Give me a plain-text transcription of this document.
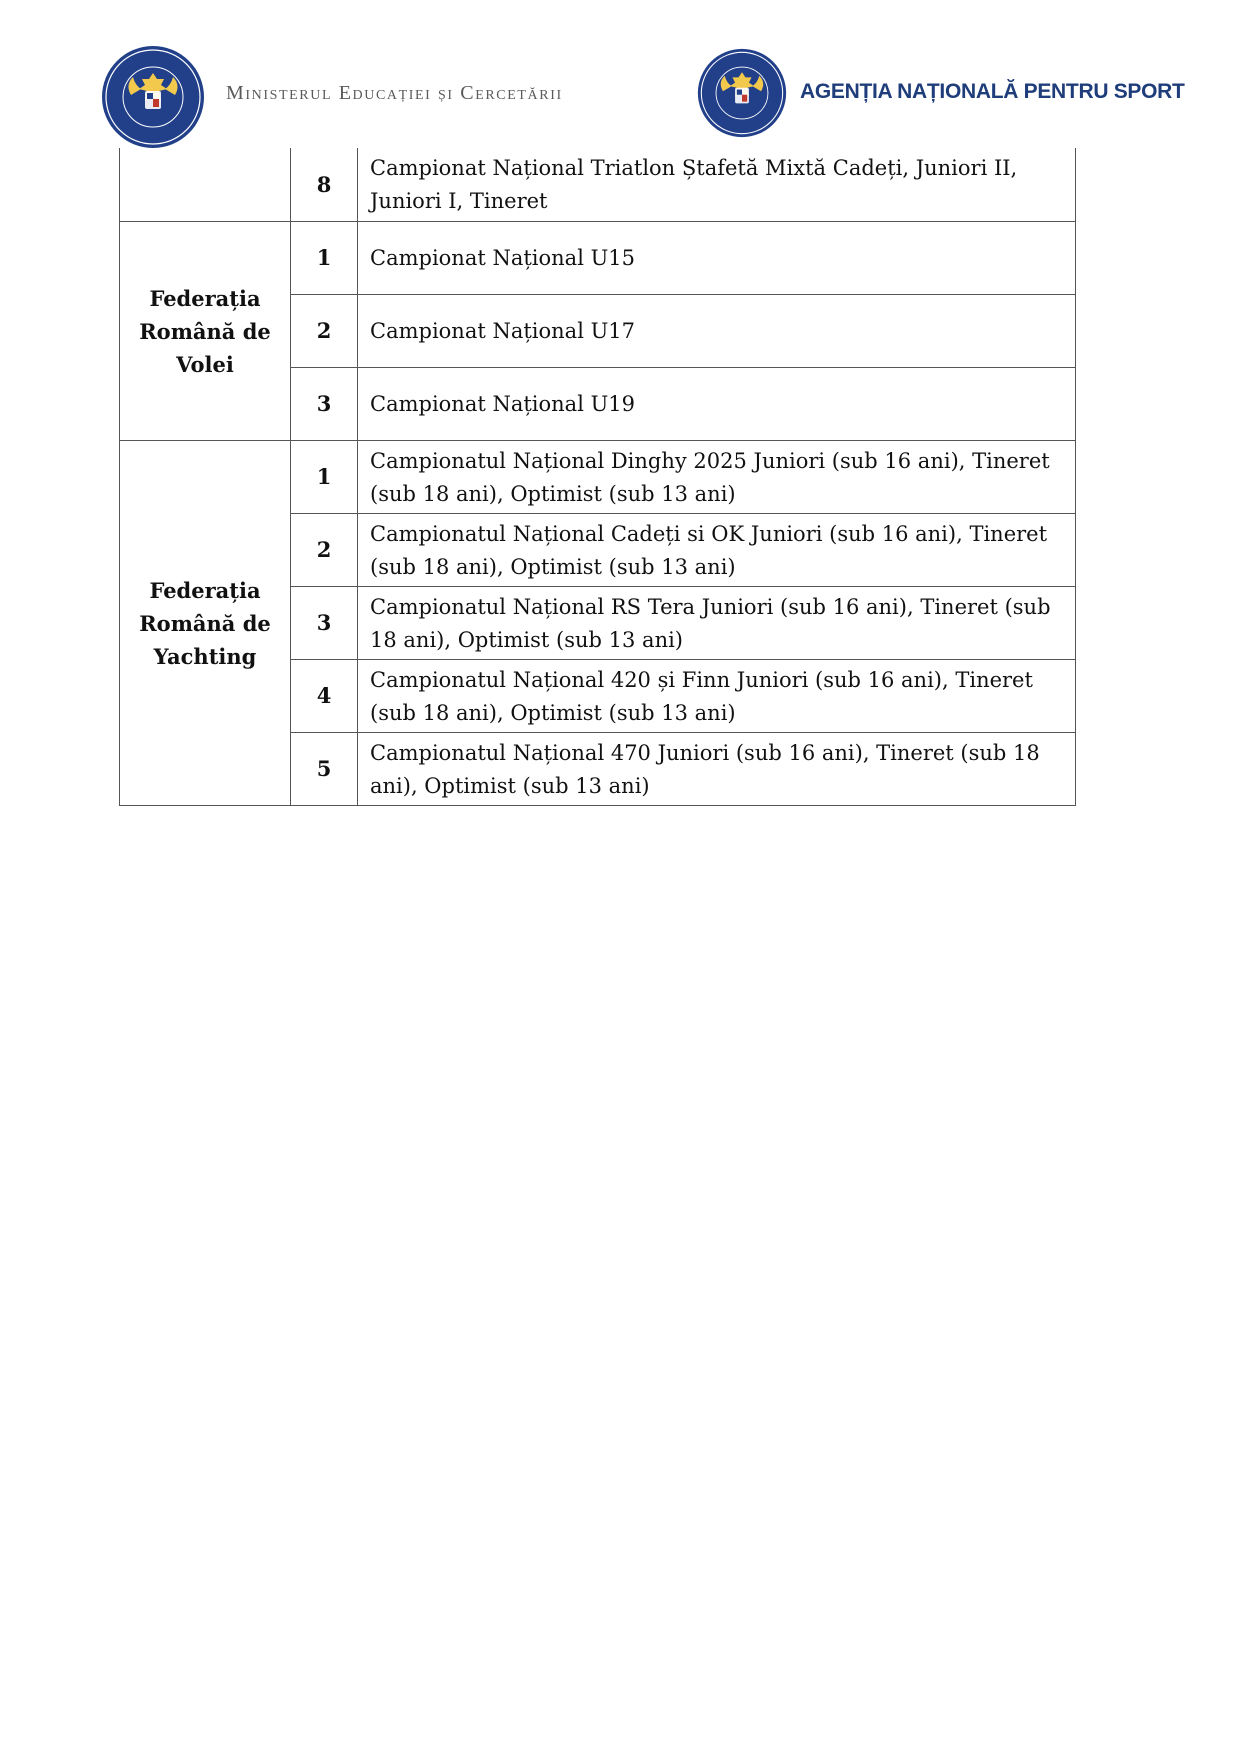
Ministerul Educației și Cercetării	AGENȚIA NAȚIONALĂ PENTRU SPORT
	8	Campionat Național Triatlon Ștafetă Mixtă Cadeți, Juniori II, Juniori I, Tineret

Federația Română de Volei	1	Campionat Național U15

	2	Campionat Național U17

	3	Campionat Național U19

Federația Română de Yachting	1	Campionatul Național Dinghy 2025 Juniori (sub 16 ani), Tineret (sub 18 ani), Optimist (sub 13 ani)

	2	Campionatul Național Cadeți si OK Juniori (sub 16 ani), Tineret (sub 18 ani), Optimist (sub 13 ani)

	3	Campionatul Național RS Tera Juniori (sub 16 ani), Tineret (sub 18 ani), Optimist (sub 13 ani)

	4	Campionatul Național 420 și Finn Juniori (sub 16 ani), Tineret (sub 18 ani), Optimist (sub 13 ani)

	5	Campionatul Național 470 Juniori (sub 16 ani), Tineret (sub 18 ani), Optimist (sub 13 ani)
